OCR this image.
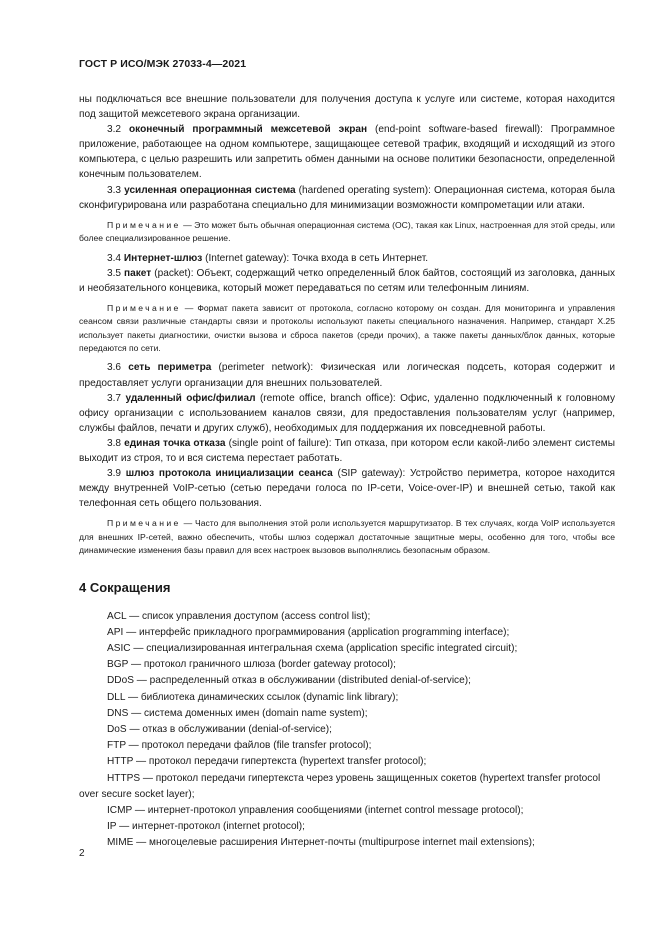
ГОСТ Р ИСО/МЭК 27033-4—2021

ны подключаться все внешние пользователи для получения доступа к услуге или системе, которая находится под защитой межсетевого экрана организации.

3.2 оконечный программный межсетевой экран (end-point software-based firewall): Программное приложение, работающее на одном компьютере, защищающее сетевой трафик, входящий и исходящий из этого компьютера, с целью разрешить или запретить обмен данными на основе политики безопасности, определенной конечным пользователем.

3.3 усиленная операционная система (hardened operating system): Операционная система, которая была сконфигурирована или разработана специально для минимизации возможности компрометации или атаки.

Примечание — Это может быть обычная операционная система (ОС), такая как Linux, настроенная для этой среды, или более специализированное решение.

3.4 Интернет-шлюз (Internet gateway): Точка входа в сеть Интернет.

3.5 пакет (packet): Объект, содержащий четко определенный блок байтов, состоящий из заголовка, данных и необязательного концевика, который может передаваться по сетям или телефонным линиям.

Примечание — Формат пакета зависит от протокола, согласно которому он создан. Для мониторинга и управления сеансом связи различные стандарты связи и протоколы используют пакеты специального назначения. Например, стандарт X.25 использует пакеты диагностики, очистки вызова и сброса пакетов (среди прочих), а также пакеты данных/блок данных, которые передаются по сети.

3.6 сеть периметра (perimeter network): Физическая или логическая подсеть, которая содержит и предоставляет услуги организации для внешних пользователей.

3.7 удаленный офис/филиал (remote office, branch office): Офис, удаленно подключенный к головному офису организации с использованием каналов связи, для предоставления пользователям услуг (например, службы файлов, печати и других служб), необходимых для поддержания их повседневной работы.

3.8 единая точка отказа (single point of failure): Тип отказа, при котором если какой-либо элемент системы выходит из строя, то и вся система перестает работать.

3.9 шлюз протокола инициализации сеанса (SIP gateway): Устройство периметра, которое находится между внутренней VoIP-сетью (сетью передачи голоса по IP-сети, Voice-over-IP) и внешней сетью, такой как телефонная сеть общего пользования.

Примечание — Часто для выполнения этой роли используется маршрутизатор. В тех случаях, когда VoIP используется для внешних IP-сетей, важно обеспечить, чтобы шлюз содержал достаточные защитные меры, особенно для того, чтобы все динамические изменения базы правил для всех настроек вызовов выполнялись безопасным образом.

4 Сокращения

ACL — список управления доступом (access control list);

API — интерфейс прикладного программирования (application programming interface);

ASIC — специализированная интегральная схема (application specific integrated circuit);

BGP — протокол граничного шлюза (border gateway protocol);

DDoS — распределенный отказ в обслуживании (distributed denial-of-service);

DLL — библиотека динамических ссылок (dynamic link library);

DNS — система доменных имен (domain name system);

DoS — отказ в обслуживании (denial-of-service);

FTP — протокол передачи файлов (file transfer protocol);

HTTP — протокол передачи гипертекста (hypertext transfer protocol);

HTTPS — протокол передачи гипертекста через уровень защищенных сокетов (hypertext transfer protocol over secure socket layer);

ICMP — интернет-протокол управления сообщениями (internet control message protocol);

IP — интернет-протокол (internet protocol);

MIME — многоцелевые расширения Интернет-почты (multipurpose internet mail extensions);

2
